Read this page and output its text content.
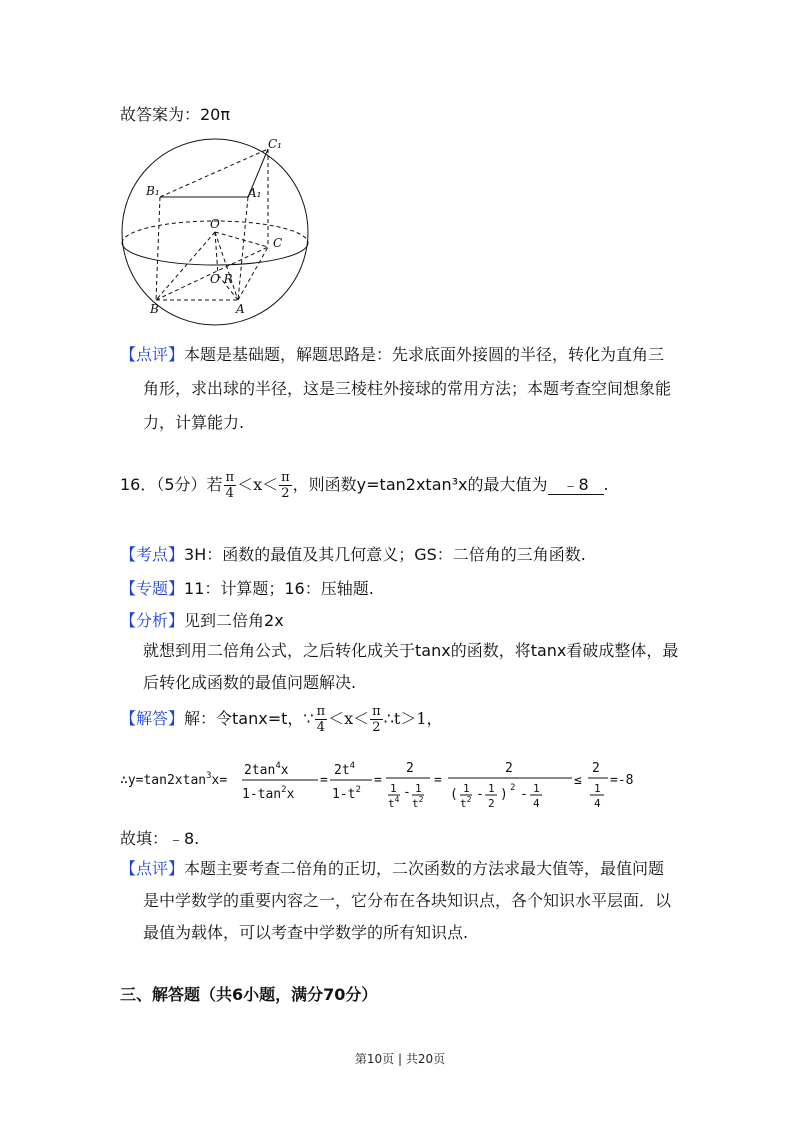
故答案为：20π
C₁
B₁	A₁
O
C
O R
B	A
【点评】本题是基础题，解题思路是：先求底面外接圆的半径，转化为直角三
角形，求出球的半径，这是三棱柱外接球的常用方法；本题考查空间想象能
力，计算能力.
16．（5分）若 $\frac{\pi}{4} <x< \frac{\pi}{2}$ ，则函数y=tan2xtan³x的最大值为 ﹣8 .
【考点】3H：函数的最值及其几何意义；GS：二倍角的三角函数.
【专题】11：计算题；16：压轴题.
【分析】见到二倍角2x
就想到用二倍角公式，之后转化成关于tanx的函数，将tanx看破成整体，最
后转化成函数的最值问题解决.
【解答】解：令tanx=t，∵ $\frac{\pi}{4} <x< \frac{\pi}{2}$ ∴t＞1，
∴y=tan2xtan$^3$x=
$2\tan^4x$
$1-\tan^2x$
=
$2t^4$
$1-t^2$
=
2
1
$t^4 - 1$
$t^2$
=
2
( 1
$t^2 - 1$
2
) 2 - 1
4
≤
2
1
4
=-8
故填：﹣8.
【点评】本题主要考查二倍角的正切，二次函数的方法求最大值等，最值问题
是中学数学的重要内容之一，它分布在各块知识点，各个知识水平层面．以
最值为载体，可以考查中学数学的所有知识点.
三、解答题（共6小题，满分70分）
第10页 | 共20页
